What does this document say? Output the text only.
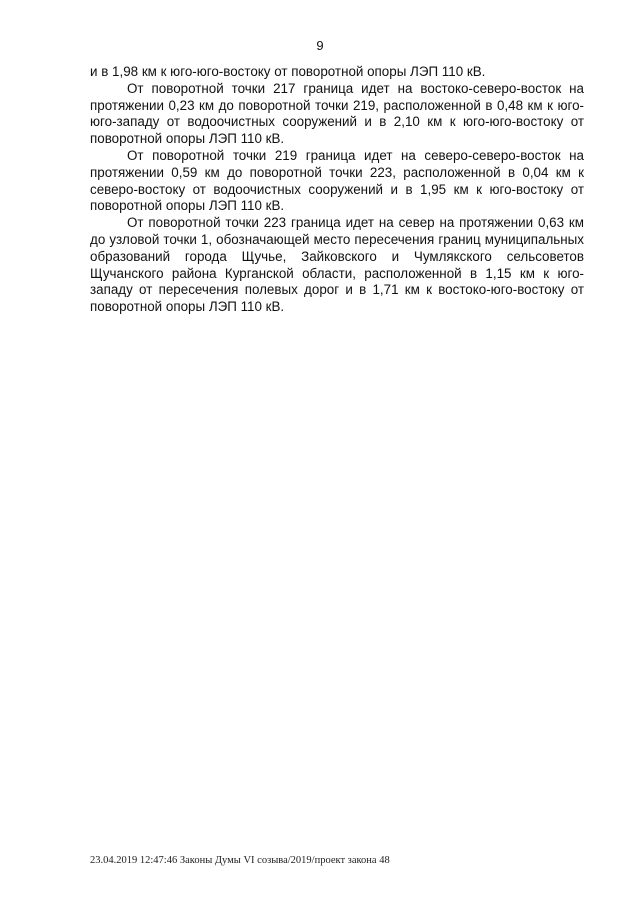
9

и в 1,98 км к юго-юго-востоку от поворотной опоры ЛЭП 110 кВ.

От поворотной точки 217 граница идет на востоко-северо-восток на протяжении 0,23 км до поворотной точки 219, расположенной в 0,48 км к юго-юго-западу от водоочистных сооружений и в 2,10 км к юго-юго-востоку от поворотной опоры ЛЭП 110 кВ.

От поворотной точки 219 граница идет на северо-северо-восток на протяжении 0,59 км до поворотной точки 223, расположенной в 0,04 км к северо-востоку от водоочистных сооружений и в 1,95 км к юго-востоку от поворотной опоры ЛЭП 110 кВ.

От поворотной точки 223 граница идет на север на протяжении 0,63 км до узловой точки 1, обозначающей место пересечения границ муниципальных образований города Щучье, Зайковского и Чумлякского сельсоветов Щучанского района Курганской области, расположенной в 1,15 км к юго-западу от пересечения полевых дорог и в 1,71 км к востоко-юго-востоку от поворотной опоры ЛЭП 110 кВ.

23.04.2019 12:47:46 Законы Думы VI созыва/2019/проект закона 48
